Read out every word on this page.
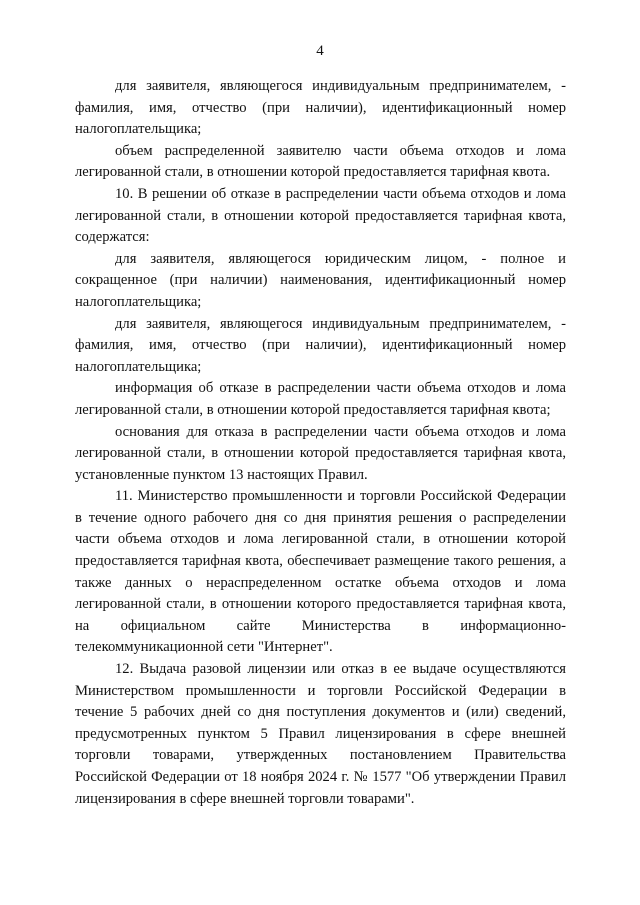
4

для заявителя, являющегося индивидуальным предпринимателем, - фамилия, имя, отчество (при наличии), идентификационный номер налогоплательщика;

объем распределенной заявителю части объема отходов и лома легированной стали, в отношении которой предоставляется тарифная квота.

10. В решении об отказе в распределении части объема отходов и лома легированной стали, в отношении которой предоставляется тарифная квота, содержатся:

для заявителя, являющегося юридическим лицом, - полное и сокращенное (при наличии) наименования, идентификационный номер налогоплательщика;

для заявителя, являющегося индивидуальным предпринимателем, - фамилия, имя, отчество (при наличии), идентификационный номер налогоплательщика;

информация об отказе в распределении части объема отходов и лома легированной стали, в отношении которой предоставляется тарифная квота;

основания для отказа в распределении части объема отходов и лома легированной стали, в отношении которой предоставляется тарифная квота, установленные пунктом 13 настоящих Правил.

11. Министерство промышленности и торговли Российской Федерации в течение одного рабочего дня со дня принятия решения о распределении части объема отходов и лома легированной стали, в отношении которой предоставляется тарифная квота, обеспечивает размещение такого решения, а также данных о нераспределенном остатке объема отходов и лома легированной стали, в отношении которого предоставляется тарифная квота, на официальном сайте Министерства в информационно-телекоммуникационной сети "Интернет".

12. Выдача разовой лицензии или отказ в ее выдаче осуществляются Министерством промышленности и торговли Российской Федерации в течение 5 рабочих дней со дня поступления документов и (или) сведений, предусмотренных пунктом 5 Правил лицензирования в сфере внешней торговли товарами, утвержденных постановлением Правительства Российской Федерации от 18 ноября 2024 г. № 1577 "Об утверждении Правил лицензирования в сфере внешней торговли товарами".
